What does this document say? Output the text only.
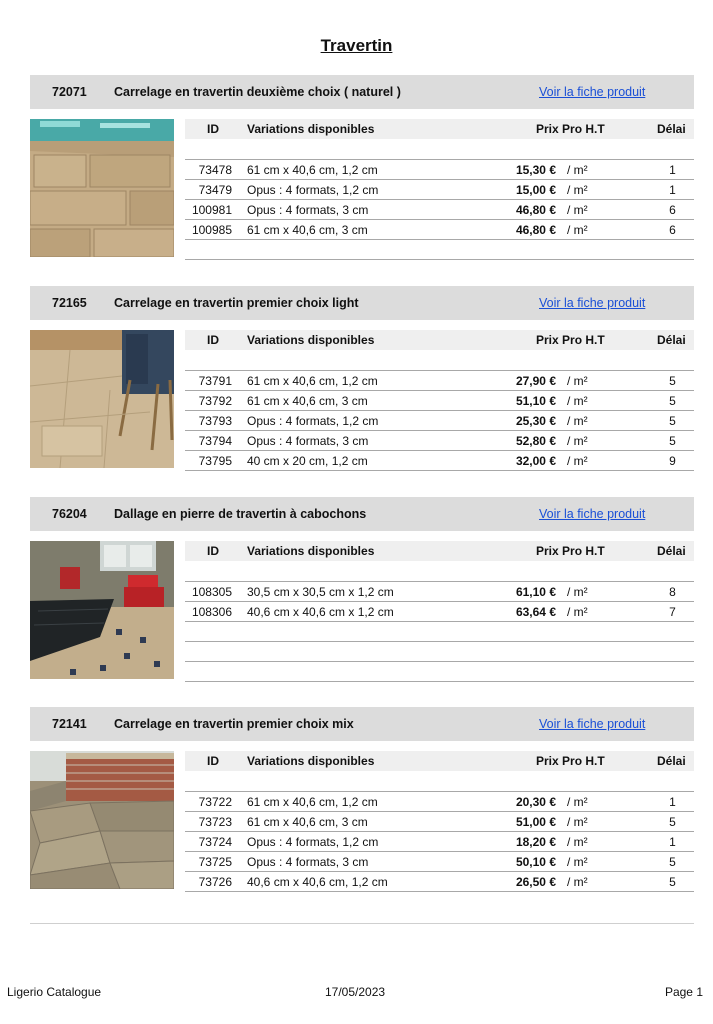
Travertin
72071 Carrelage en travertin deuxième choix ( naturel )	Voir la fiche produit
ID Variations disponibles	Prix Pro H.T	Délai
73478 61 cm x 40,6 cm, 1,2 cm	15,30 € / m²	1
73479 Opus : 4 formats, 1,2 cm	15,00 € / m²	1
100981 Opus : 4 formats, 3 cm	46,80 € / m²	6
100985 61 cm x 40,6 cm, 3 cm	46,80 € / m²	6
72165 Carrelage en travertin premier choix light	Voir la fiche produit
ID Variations disponibles	Prix Pro H.T	Délai
73791 61 cm x 40,6 cm, 1,2 cm	27,90 € / m²	5
73792 61 cm x 40,6 cm, 3 cm	51,10 € / m²	5
73793 Opus : 4 formats, 1,2 cm	25,30 € / m²	5
73794 Opus : 4 formats, 3 cm	52,80 € / m²	5
73795 40 cm x 20 cm, 1,2 cm	32,00 € / m²	9
76204 Dallage en pierre de travertin à cabochons	Voir la fiche produit
ID Variations disponibles	Prix Pro H.T	Délai
108305 30,5 cm x 30,5 cm x 1,2 cm	61,10 € / m²	8
108306 40,6 cm x 40,6 cm x 1,2 cm	63,64 € / m²	7
72141 Carrelage en travertin premier choix mix	Voir la fiche produit
ID Variations disponibles	Prix Pro H.T	Délai
73722 61 cm x 40,6 cm, 1,2 cm	20,30 € / m²	1
73723 61 cm x 40,6 cm, 3 cm	51,00 € / m²	5
73724 Opus : 4 formats, 1,2 cm	18,20 € / m²	1
73725 Opus : 4 formats, 3 cm	50,10 € / m²	5
73726 40,6 cm x 40,6 cm, 1,2 cm	26,50 € / m²	5
Ligerio Catalogue	17/05/2023	Page 1
